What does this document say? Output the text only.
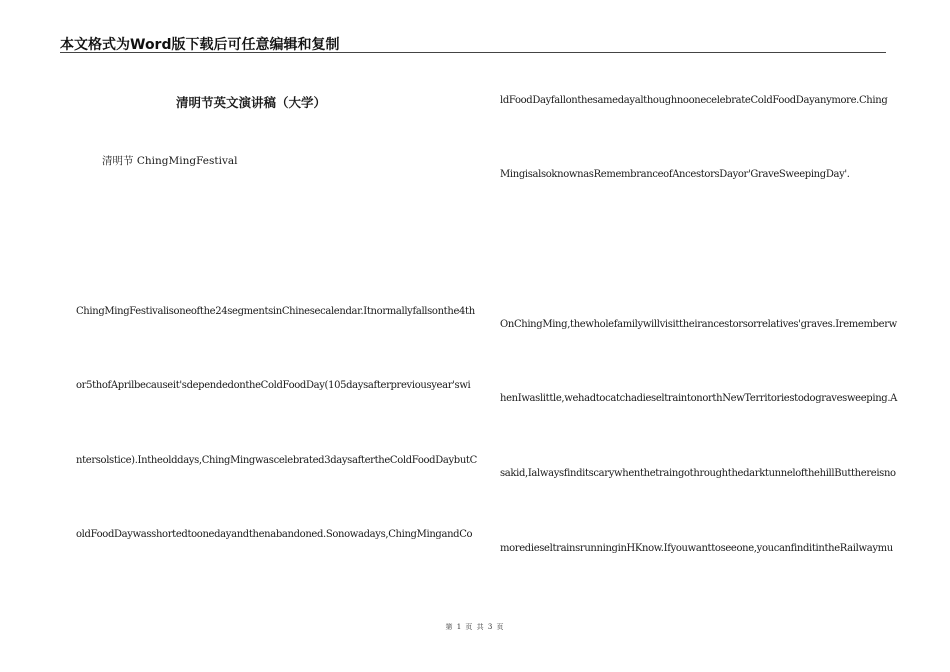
本文格式为Word版下载后可任意编辑和复制
清明节英文演讲稿（大学）
清明节 ChingMingFestival
ChingMingFestivalisoneofthe24segmentsinChinesecalendar.Itnormallyfallsonthe4th
or5thofAprilbecauseit'sdependedontheColdFoodDay(105daysafterpreviousyear'swi
ntersolstice).Intheolddays,ChingMingwascelebrated3daysaftertheColdFoodDaybutC
oldFoodDaywasshortedtoonedayandthenabandoned.Sonowadays,ChingMingandCo
ldFoodDayfallonthesamedayalthoughnoonecelebrateColdFoodDayanymore.Ching
MingisalsoknownasRemembranceofAncestorsDayor'GraveSweepingDay'.
OnChingMing,thewholefamilywillvisittheirancestorsorrelatives'graves.Irememberw
henIwaslittle,wehadtocatchadieseltraintonorthNewTerritoriestodogravesweeping.A
sakid,IalwaysfinditscarywhenthetraingothroughthedarktunnelofthehillButthereisno
moredieseltrainsrunninginHKnow.Ifyouwanttoseeone,youcanfinditintheRailwaymu
第 1 页 共 3 页
